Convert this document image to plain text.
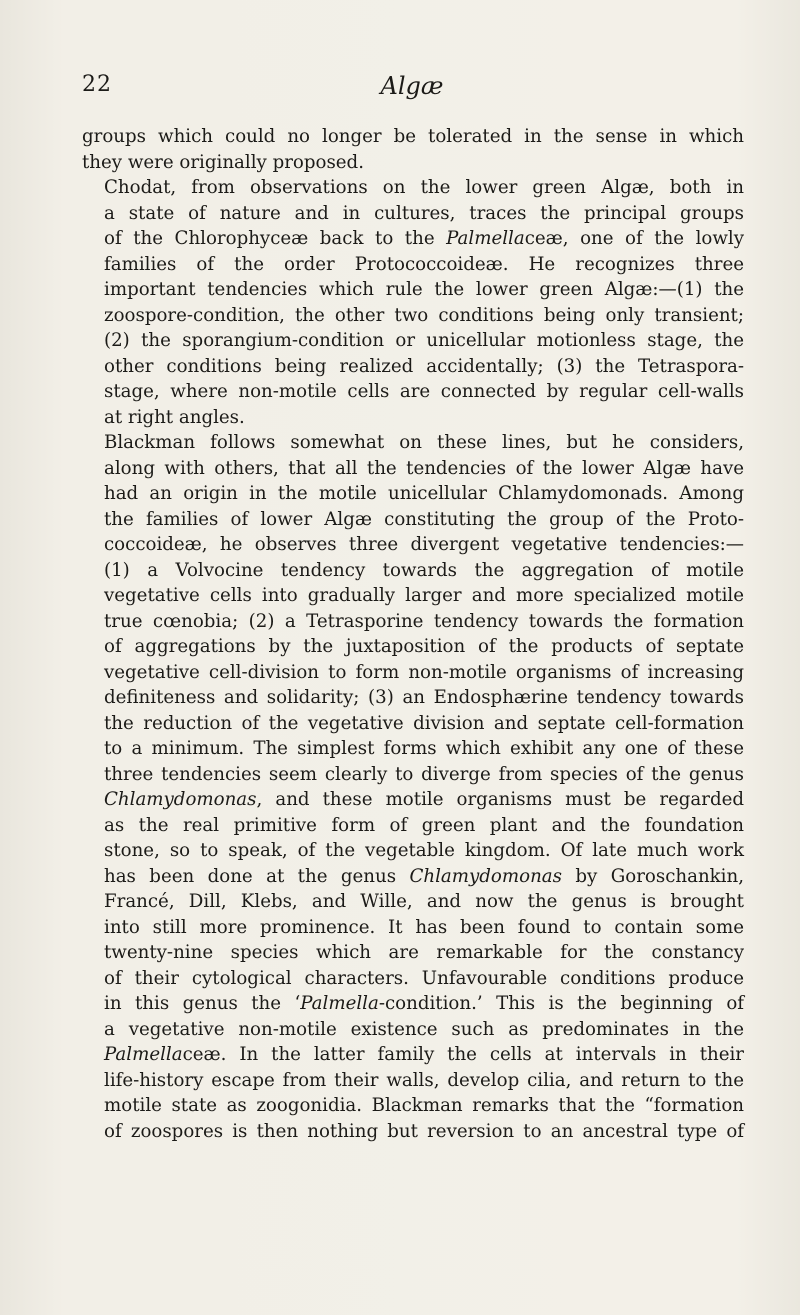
22	Algæ

groups which could no longer be tolerated in the sense in which
they were originally proposed.

Chodat, from observations on the lower green Algæ, both in
a state of nature and in cultures, traces the principal groups
of the Chlorophyceæ back to the Palmellaceæ, one of the lowly
families of the order Protococcoideæ. He recognizes three
important tendencies which rule the lower green Algæ:—(1) the
zoospore-condition, the other two conditions being only transient;
(2) the sporangium-condition or unicellular motionless stage, the
other conditions being realized accidentally; (3) the Tetraspora-
stage, where non-motile cells are connected by regular cell-walls
at right angles.

Blackman follows somewhat on these lines, but he considers,
along with others, that all the tendencies of the lower Algæ have
had an origin in the motile unicellular Chlamydomonads. Among
the families of lower Algæ constituting the group of the Proto-
coccoideæ, he observes three divergent vegetative tendencies:—
(1) a Volvocine tendency towards the aggregation of motile
vegetative cells into gradually larger and more specialized motile
true cœnobia; (2) a Tetrasporine tendency towards the formation
of aggregations by the juxtaposition of the products of septate
vegetative cell-division to form non-motile organisms of increasing
definiteness and solidarity; (3) an Endosphærine tendency towards
the reduction of the vegetative division and septate cell-formation
to a minimum. The simplest forms which exhibit any one of these
three tendencies seem clearly to diverge from species of the genus
Chlamydomonas, and these motile organisms must be regarded
as the real primitive form of green plant and the foundation
stone, so to speak, of the vegetable kingdom. Of late much work
has been done at the genus Chlamydomonas by Goroschankin,
Francé, Dill, Klebs, and Wille, and now the genus is brought
into still more prominence. It has been found to contain some
twenty-nine species which are remarkable for the constancy
of their cytological characters. Unfavourable conditions produce
in this genus the ‘Palmella-condition.’ This is the beginning of
a vegetative non-motile existence such as predominates in the
Palmellaceæ. In the latter family the cells at intervals in their
life-history escape from their walls, develop cilia, and return to the
motile state as zoogonidia. Blackman remarks that the “formation
of zoospores is then nothing but reversion to an ancestral type of
